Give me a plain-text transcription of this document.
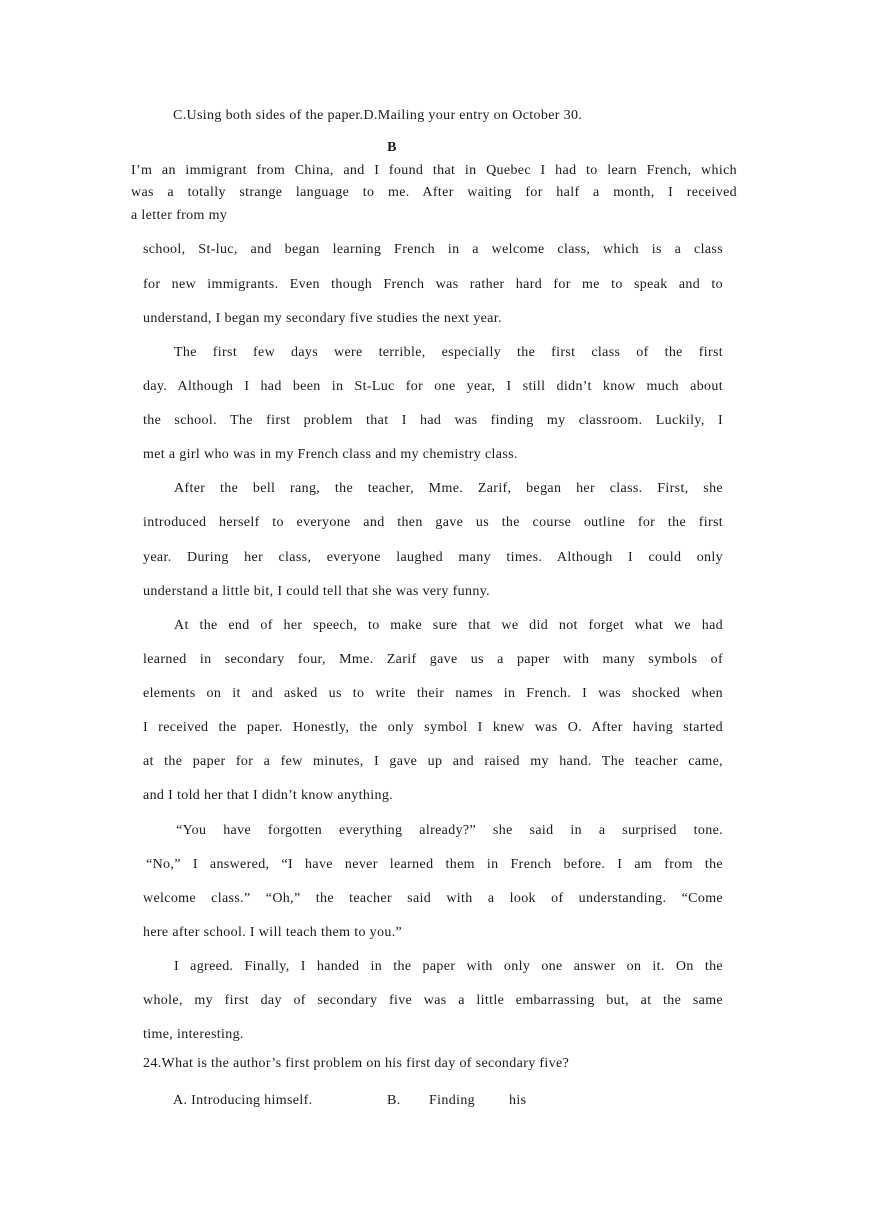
C.Using both sides of the paper.D.Mailing your entry on October 30.
B
I’m an immigrant from China, and I found that in Quebec I had to learn French, which
was a totally strange language to me. After waiting for half a month, I received
a letter from my
school, St-luc, and began learning French in a welcome class, which is a class
for new immigrants. Even though French was rather hard for me to speak and to
understand, I began my secondary five studies the next year.
The first few days were terrible, especially the first class of the first
day. Although I had been in St-Luc for one year, I still didn’t know much about
the school. The first problem that I had was finding my classroom. Luckily, I
met a girl who was in my French class and my chemistry class.
After the bell rang, the teacher, Mme. Zarif, began her class. First, she
introduced herself to everyone and then gave us the course outline for the first
year. During her class, everyone laughed many times. Although I could only
understand a little bit, I could tell that she was very funny.
At the end of her speech, to make sure that we did not forget what we had
learned in secondary four, Mme. Zarif gave us a paper with many symbols of
elements on it and asked us to write their names in French. I was shocked when
I received the paper. Honestly, the only symbol I knew was O. After having started
at the paper for a few minutes, I gave up and raised my hand. The teacher came,
and I told her that I didn’t know anything.
“You have forgotten everything already?” she said in a surprised tone.
“No,” I answered, “I have never learned them in French before. I am from the
welcome class.” “Oh,” the teacher said with a look of understanding. “Come
here after school. I will teach them to you.”
I agreed. Finally, I handed in the paper with only one answer on it. On the
whole, my first day of secondary five was a little embarrassing but, at the same
time, interesting.
24.What is the author’s first problem on his first day of secondary five?
A. Introducing himself.	B. Finding his
